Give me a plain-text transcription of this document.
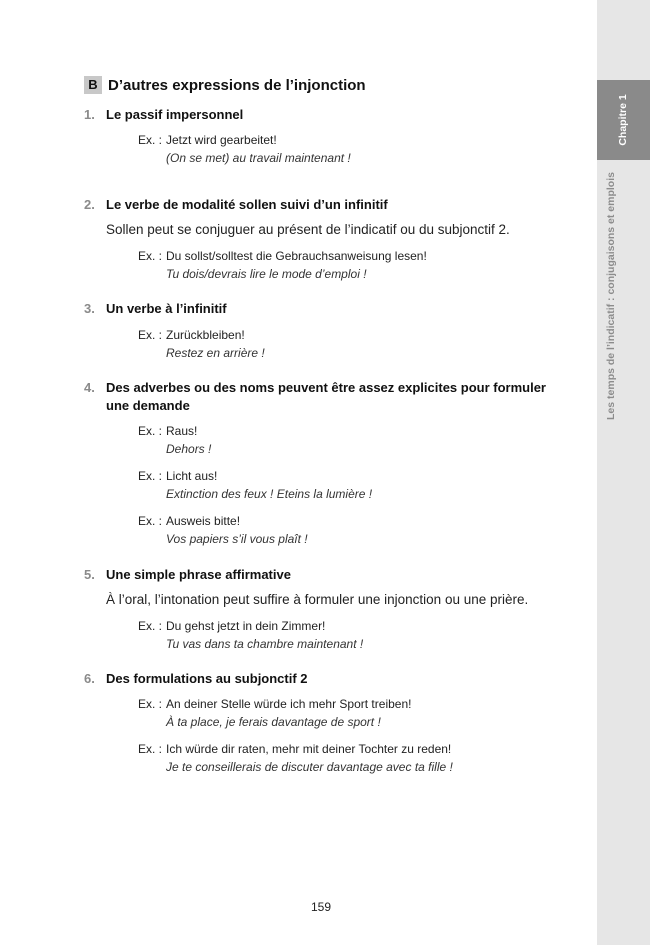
Chapitre 1
Les temps de l’indicatif : conjugaisons et emplois
B D’autres expressions de l’injonction
1. Le passif impersonnel
Ex. : Jetzt wird gearbeitet!
(On se met) au travail maintenant !
2. Le verbe de modalité sollen suivi d’un infinitif
Sollen peut se conjuguer au présent de l’indicatif ou du subjonctif 2.
Ex. : Du sollst/solltest die Gebrauchsanweisung lesen!
Tu dois/devrais lire le mode d’emploi !
3. Un verbe à l’infinitif
Ex. : Zurückbleiben!
Restez en arrière !
4. Des adverbes ou des noms peuvent être assez explicites pour formuler
une demande
Ex. : Raus!
Dehors !
Ex. : Licht aus!
Extinction des feux ! Eteins la lumière !
Ex. : Ausweis bitte!
Vos papiers s’il vous plaît !
5. Une simple phrase affirmative
À l’oral, l’intonation peut suffire à formuler une injonction ou une prière.
Ex. : Du gehst jetzt in dein Zimmer!
Tu vas dans ta chambre maintenant !
6. Des formulations au subjonctif 2
Ex. : An deiner Stelle würde ich mehr Sport treiben!
À ta place, je ferais davantage de sport !
Ex. : Ich würde dir raten, mehr mit deiner Tochter zu reden!
Je te conseillerais de discuter davantage avec ta fille !
159
